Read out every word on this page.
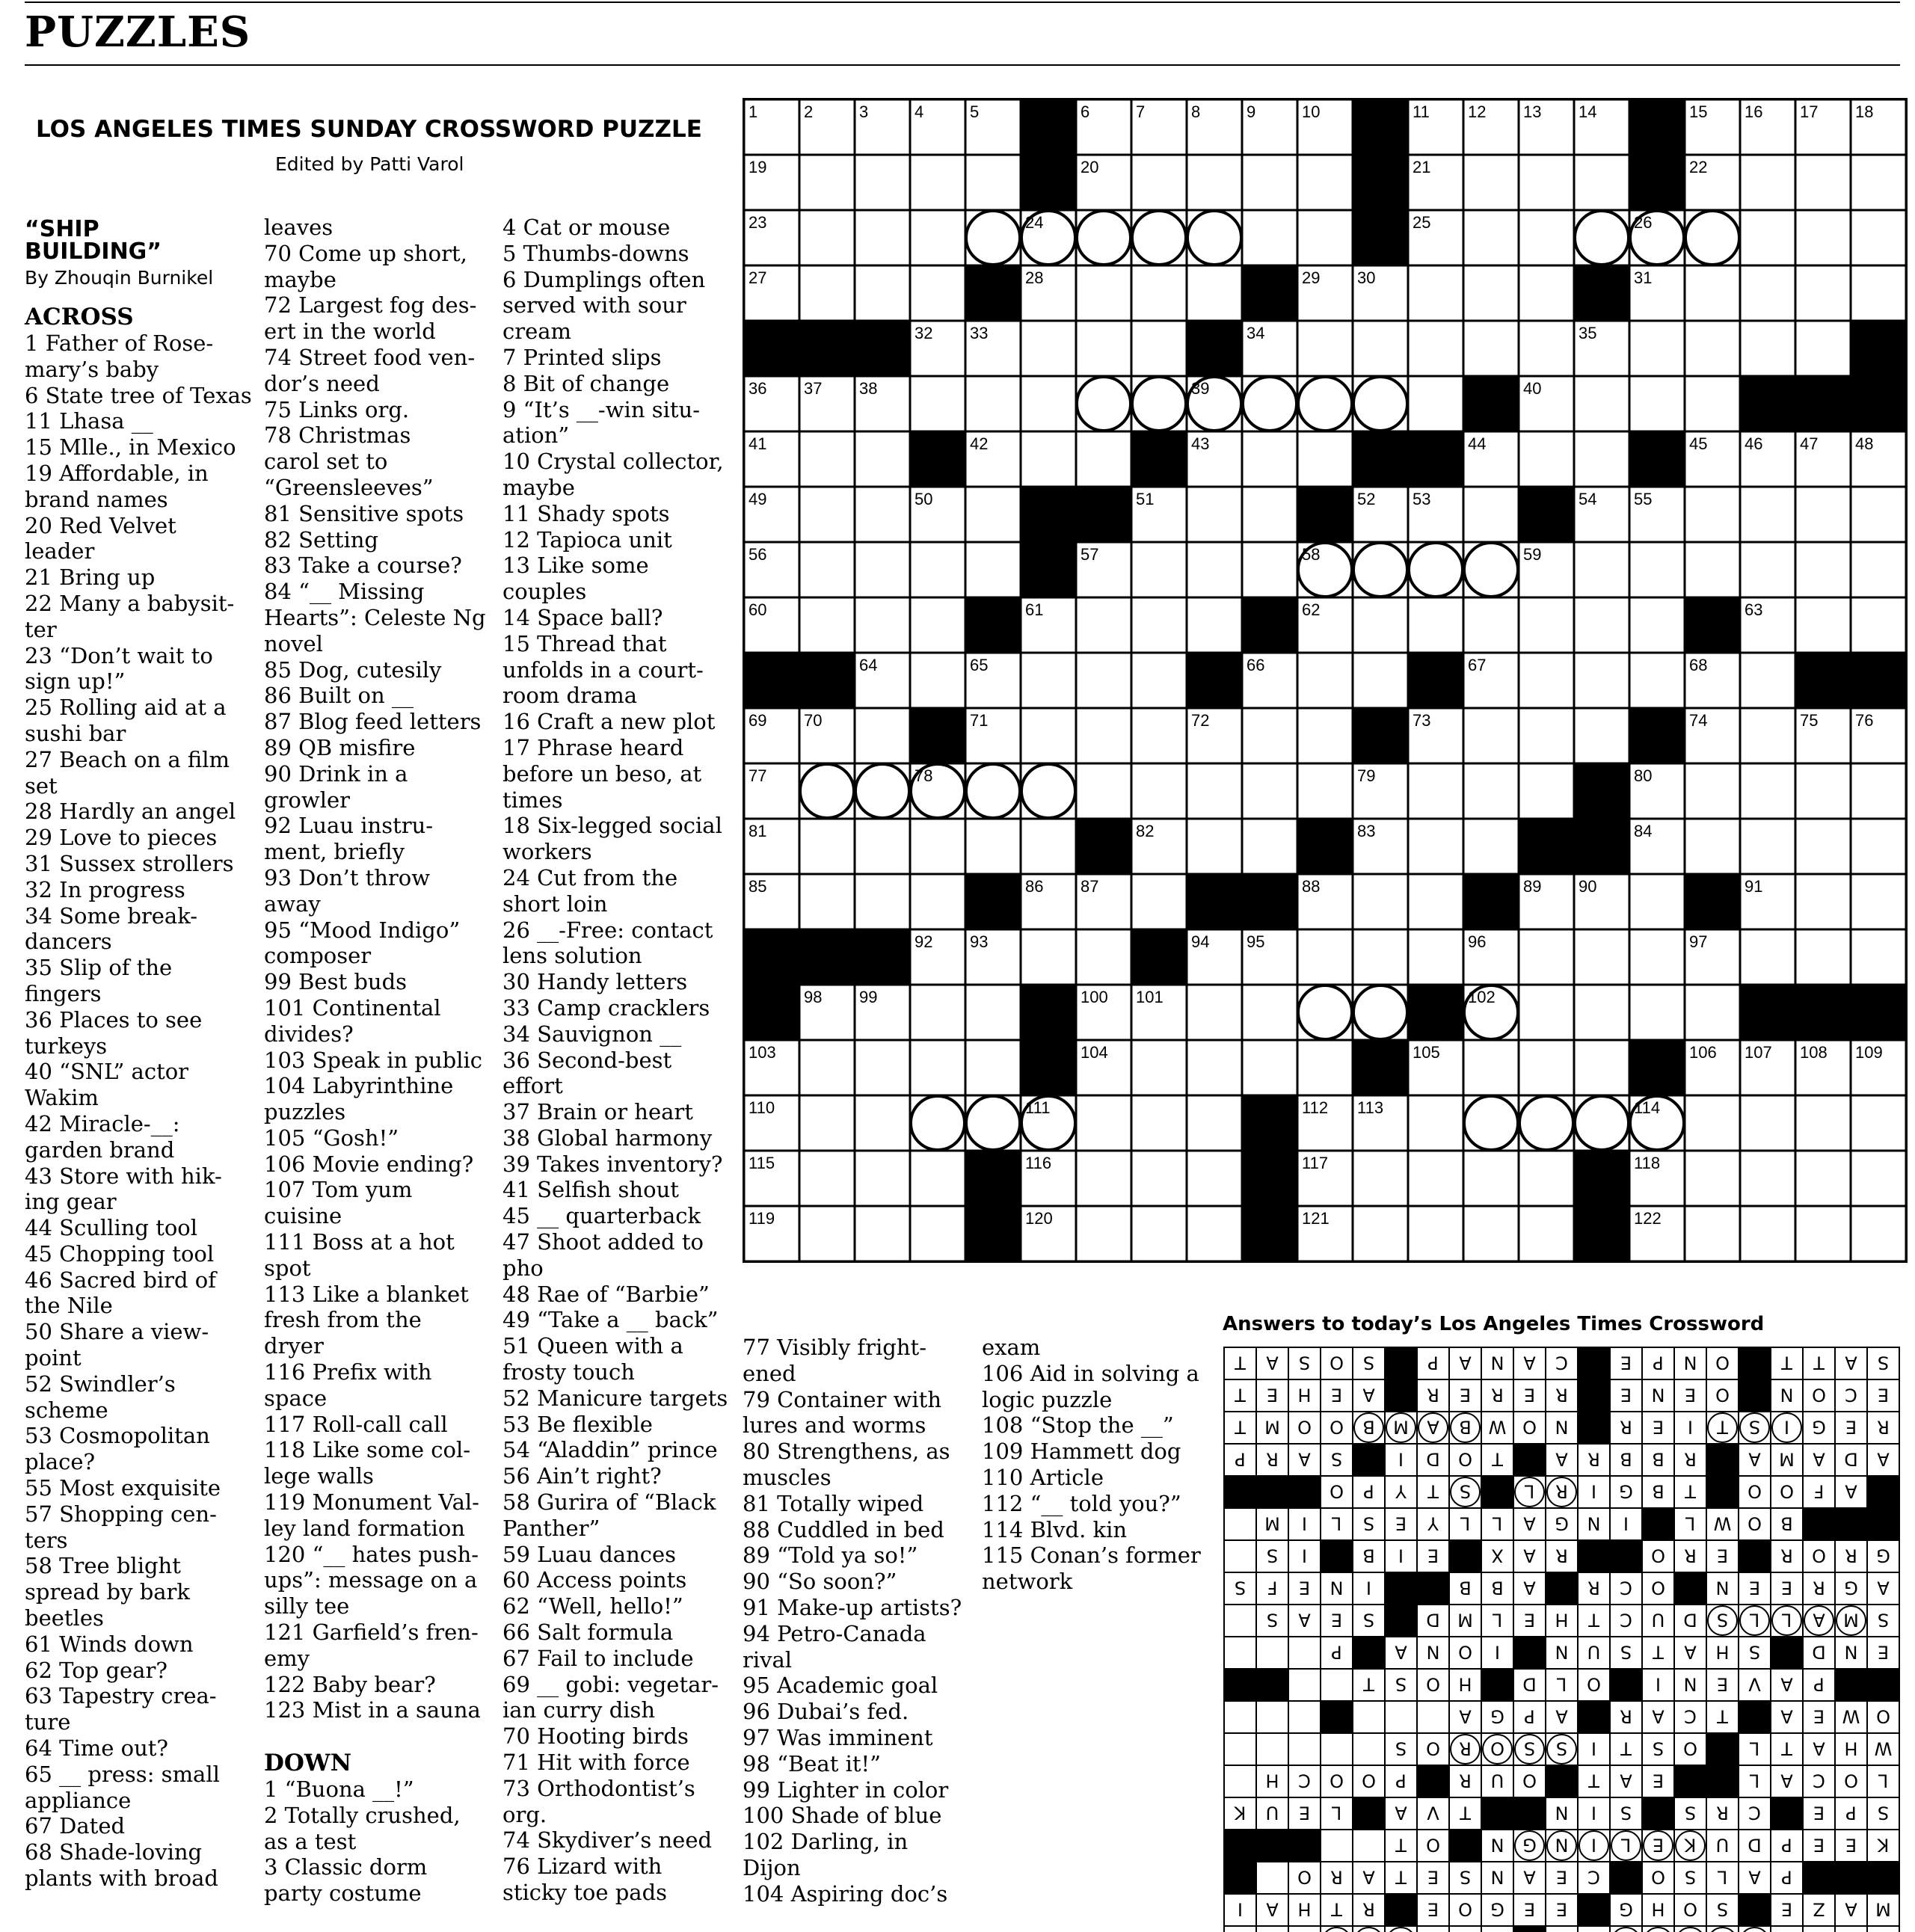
PUZZLES
LOS ANGELES TIMES SUNDAY CROSSWORD PUZZLE
Edited by Patti Varol
“SHIP
BUILDING”
By Zhouqin Burnikel
ACROSS
1 Father of Rose-
mary’s baby
6 State tree of Texas
11 Lhasa __
15 Mlle., in Mexico
19 Affordable, in
brand names
20 Red Velvet
leader
21 Bring up
22 Many a babysit-
ter
23 “Don’t wait to
sign up!”
25 Rolling aid at a
sushi bar
27 Beach on a film
set
28 Hardly an angel
29 Love to pieces
31 Sussex strollers
32 In progress
34 Some break-
dancers
35 Slip of the
fingers
36 Places to see
turkeys
40 “SNL” actor
Wakim
42 Miracle-__:
garden brand
43 Store with hik-
ing gear
44 Sculling tool
45 Chopping tool
46 Sacred bird of
the Nile
50 Share a view-
point
52 Swindler’s
scheme
53 Cosmopolitan
place?
55 Most exquisite
57 Shopping cen-
ters
58 Tree blight
spread by bark
beetles
61 Winds down
62 Top gear?
63 Tapestry crea-
ture
64 Time out?
65 __ press: small
appliance
67 Dated
68 Shade-loving
plants with broad
leaves
70 Come up short,
maybe
72 Largest fog des-
ert in the world
74 Street food ven-
dor’s need
75 Links org.
78 Christmas
carol set to
“Greensleeves”
81 Sensitive spots
82 Setting
83 Take a course?
84 “__ Missing
Hearts”: Celeste Ng
novel
85 Dog, cutesily
86 Built on __
87 Blog feed letters
89 QB misfire
90 Drink in a
growler
92 Luau instru-
ment, briefly
93 Don’t throw
away
95 “Mood Indigo”
composer
99 Best buds
101 Continental
divides?
103 Speak in public
104 Labyrinthine
puzzles
105 “Gosh!”
106 Movie ending?
107 Tom yum
cuisine
111 Boss at a hot
spot
113 Like a blanket
fresh from the
dryer
116 Prefix with
space
117 Roll-call call
118 Like some col-
lege walls
119 Monument Val-
ley land formation
120 “__ hates push-
ups”: message on a
silly tee
121 Garfield’s fren-
emy
122 Baby bear?
123 Mist in a sauna
DOWN
1 “Buona __!”
2 Totally crushed,
as a test
3 Classic dorm
party costume
4 Cat or mouse
5 Thumbs-downs
6 Dumplings often
served with sour
cream
7 Printed slips
8 Bit of change
9 “It’s __-win situ-
ation”
10 Crystal collector,
maybe
11 Shady spots
12 Tapioca unit
13 Like some
couples
14 Space ball?
15 Thread that
unfolds in a court-
room drama
16 Craft a new plot
17 Phrase heard
before un beso, at
times
18 Six-legged social
workers
24 Cut from the
short loin
26 __-Free: contact
lens solution
30 Handy letters
33 Camp cracklers
34 Sauvignon __
36 Second-best
effort
37 Brain or heart
38 Global harmony
39 Takes inventory?
41 Selfish shout
45 __ quarterback
47 Shoot added to
pho
48 Rae of “Barbie”
49 “Take a __ back”
51 Queen with a
frosty touch
52 Manicure targets
53 Be flexible
54 “Aladdin” prince
56 Ain’t right?
58 Gurira of “Black
Panther”
59 Luau dances
60 Access points
62 “Well, hello!”
66 Salt formula
67 Fail to include
69 __ gobi: vegetar-
ian curry dish
70 Hooting birds
71 Hit with force
73 Orthodontist’s
org.
74 Skydiver’s need
76 Lizard with
sticky toe pads
77 Visibly fright-
ened
79 Container with
lures and worms
80 Strengthens, as
muscles
81 Totally wiped
88 Cuddled in bed
89 “Told ya so!”
90 “So soon?”
91 Make-up artists?
94 Petro-Canada
rival
95 Academic goal
96 Dubai’s fed.
97 Was imminent
98 “Beat it!”
99 Lighter in color
100 Shade of blue
102 Darling, in
Dijon
104 Aspiring doc’s
exam
106 Aid in solving a
logic puzzle
108 “Stop the __”
109 Hammett dog
110 Article
112 “__ told you?”
114 Blvd. kin
115 Conan’s former
network
1	2	3	4	5	6	7	8	9	10	11 12 13 14	15 16 17 18
19	20	21	22
23	24	25	26
27	28	29 30	31
32 33	34	35
36 37 38	39	40
41	42	43	44	45 46 47 48
49	50	51	52 53	54 55
56	57	58	59
60	61	62	63
64	65	66	67	68
69 70	71	72	73	74	75 76
77	78	79	80
81	82	83	84
85	86 87	88	89 90	91
92 93	94 95	96	97
98 99	100 101	102
103	104	105	106 107 108 109
110	111	112 113	114
115	116	117	118
119	120	121	122
Answers to today’s Los Angeles Times Crossword
M
A
Z
E
S
O
H
G
E
E
G
O
E
R
T
H
A
I
P
A
L
S
O
C
E
A
N
S
E
T
A
R
O
K
E
E
P
D
U
K
E
L
I
N
G
N
O
T
S
P
E
C
R
S
S
I
N
T
V
A
L
E
U
K
L
O
C
A
L
E
A
T
O
U
R
P
O
O
C
H
W
H
A
T
L
O
S
T
I
S
S
O
R
O
S
O
W
E
A
T
C
A
R
A
P
G
A
P
A
V
E
N
I
O
L
D
H
O
S
T
E
N
D
S
H
A
T
S
U
N
I
O
N
A
P
S
M
A
L
L
S
D
U
C
T
H
E
L
M
D
S
E
A
S
A
G
R
E
E
N
O
C
R
A
B
B
I
N
E
F
S
G
R
O
R
E
R
O
R
A
X
E
I
B
I
S
B
O
W
L
I
N
G
A
L
L
Y
E
S
L
I
M
A
F
O
O
T
B
G
I
R
L
S
T
Y
P
O
A
D
A
M
A
R
B
B
R
A
T
O
D
I
S
A
R
P
R
E
G
I
S
T
I
E
R
N
O
W
B
A
M
B
O
O
M
T
E
C
O
N
O
E
N
E
R
E
R
E
R
A
E
H
E
T
S
A
T
T
O
N
P
E
C
A
N
A
P
S
O
S
A
T
